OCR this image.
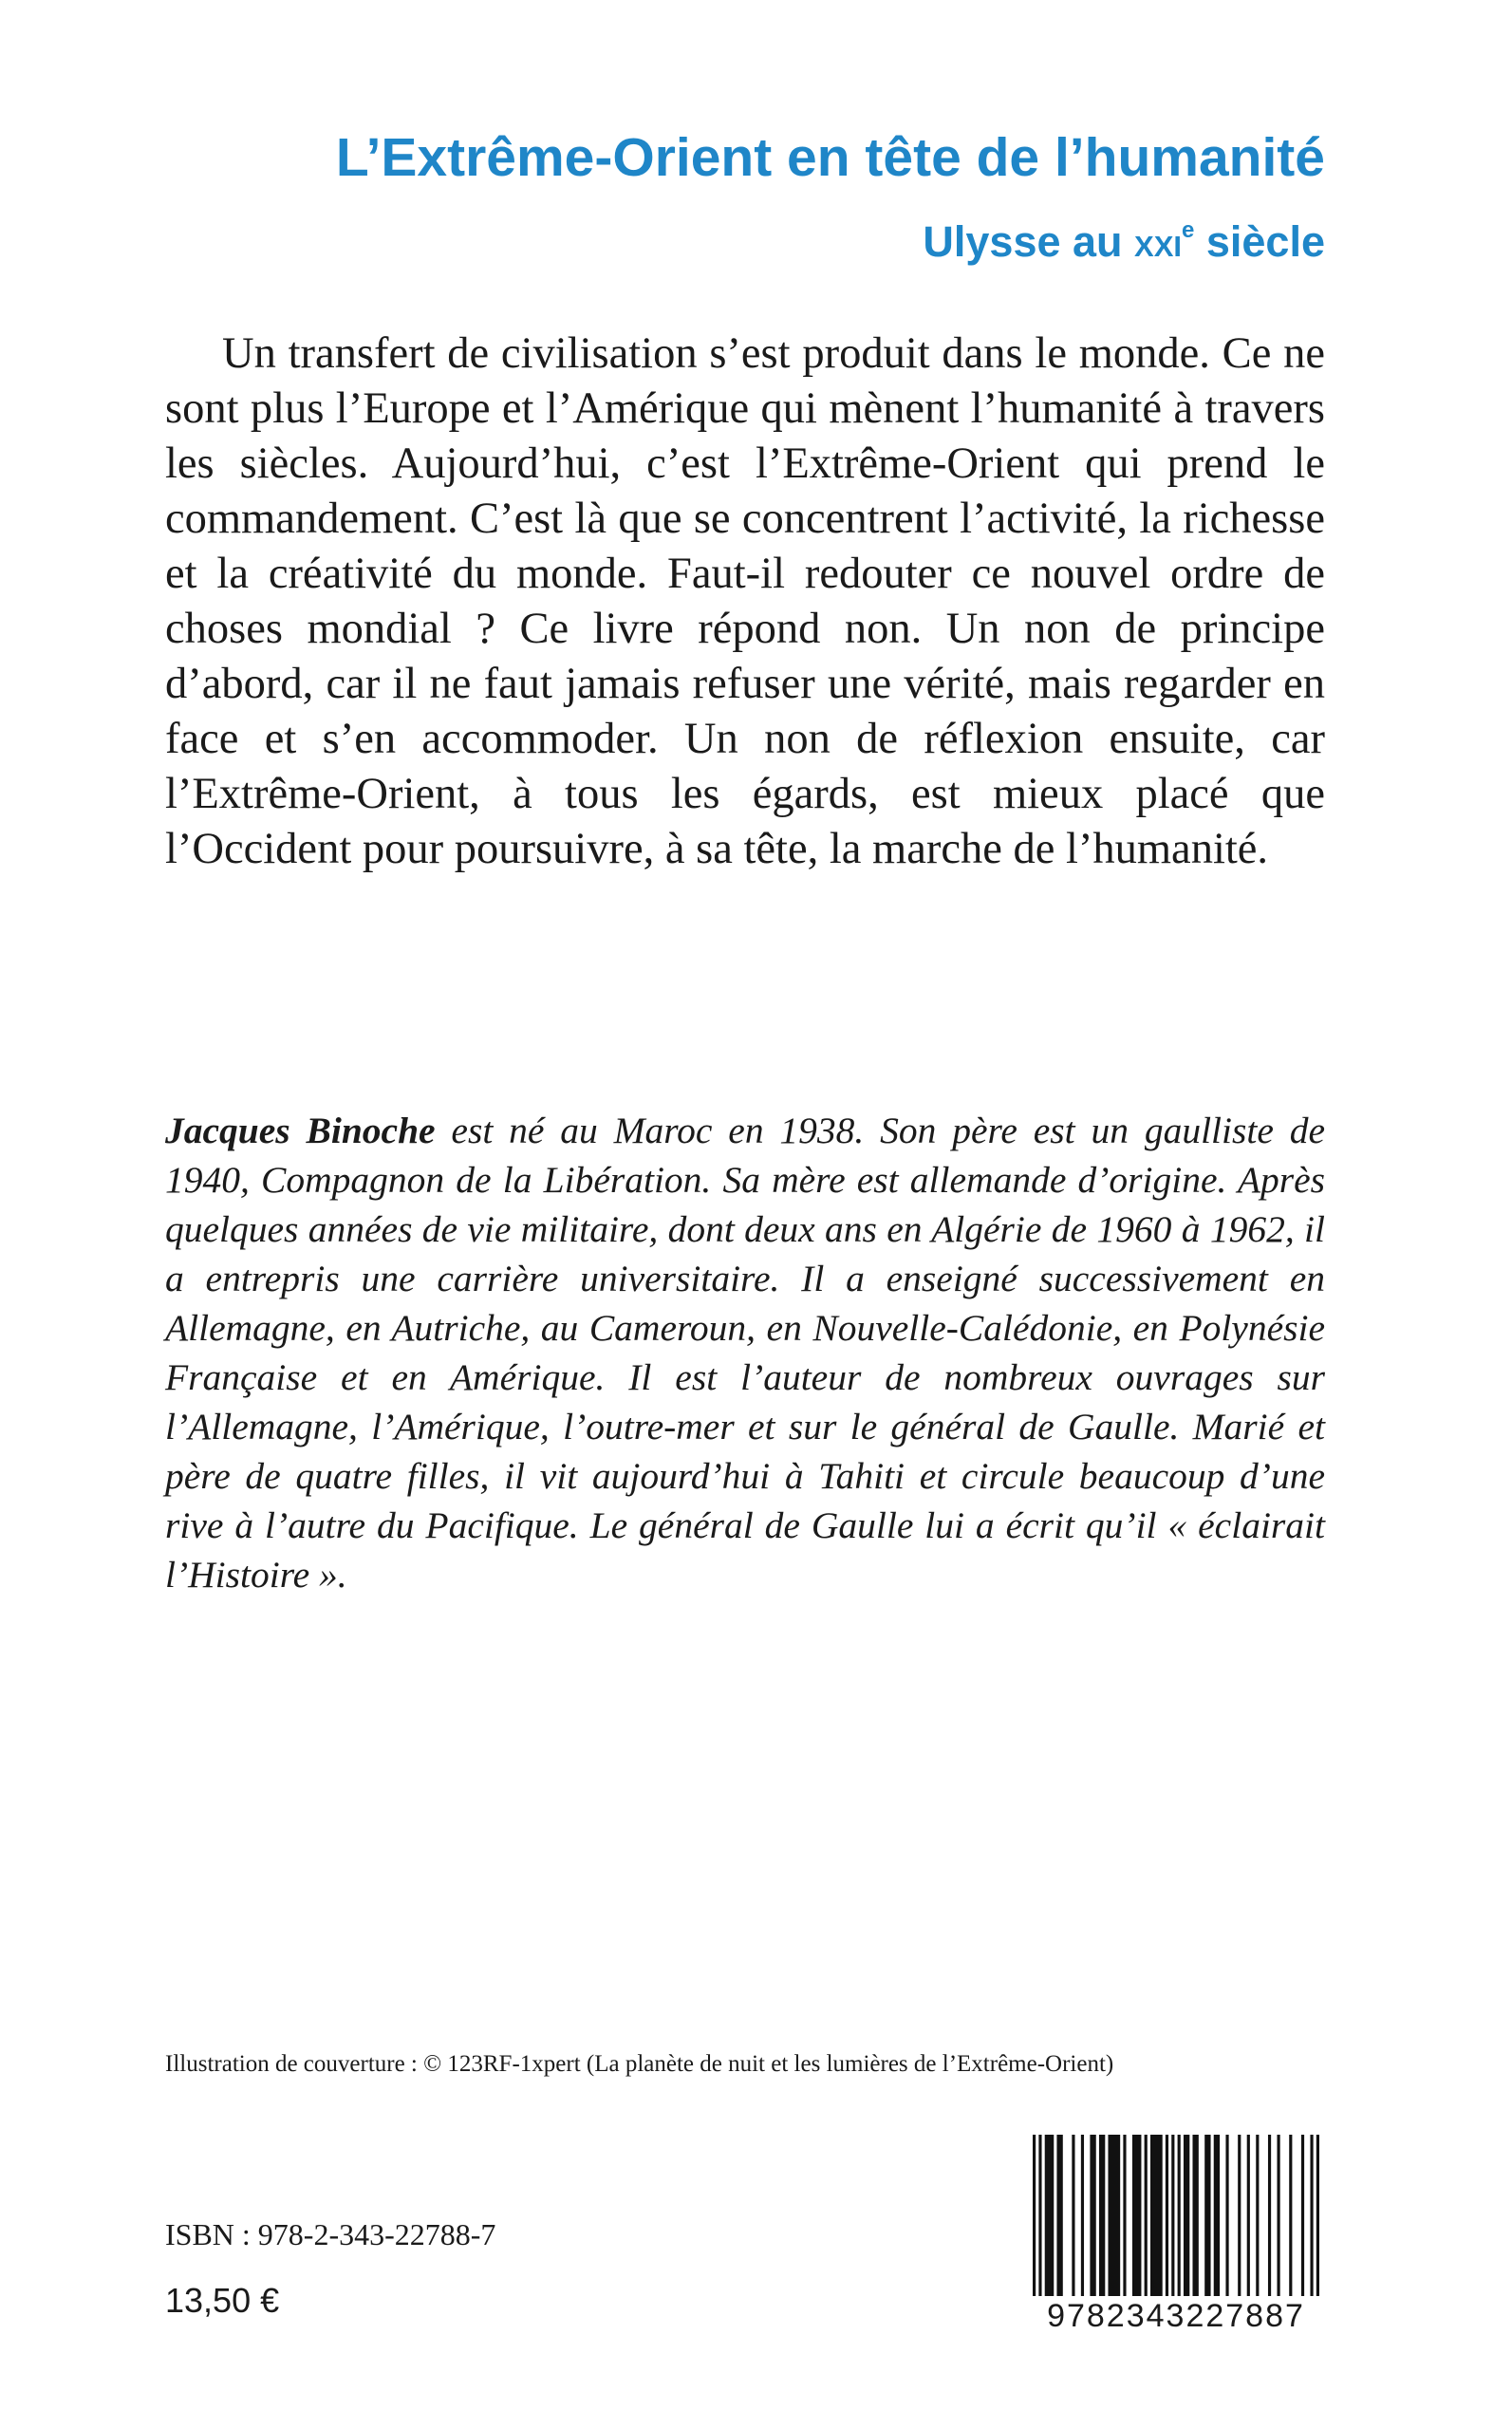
L’Extrême-Orient en tête de l’humanité
Ulysse au XXIe siècle

Un transfert de civilisation s’est produit dans le monde. Ce ne sont plus l’Europe et l’Amérique qui mènent l’humanité à travers les siècles. Aujourd’hui, c’est l’Extrême-Orient qui prend le commandement. C’est là que se concentrent l’activité, la richesse et la créativité du monde. Faut-il redouter ce nouvel ordre de choses mondial ? Ce livre répond non. Un non de principe d’abord, car il ne faut jamais refuser une vérité, mais regarder en face et s’en accommoder. Un non de réflexion ensuite, car l’Extrême-Orient, à tous les égards, est mieux placé que l’Occident pour poursuivre, à sa tête, la marche de l’humanité.

Jacques Binoche est né au Maroc en 1938. Son père est un gaulliste de 1940, Compagnon de la Libération. Sa mère est allemande d’origine. Après quelques années de vie militaire, dont deux ans en Algérie de 1960 à 1962, il a entrepris une carrière universitaire. Il a enseigné successivement en Allemagne, en Autriche, au Cameroun, en Nouvelle-Calédonie, en Polynésie Française et en Amérique. Il est l’auteur de nombreux ouvrages sur l’Allemagne, l’Amérique, l’outre-mer et sur le général de Gaulle. Marié et père de quatre filles, il vit aujourd’hui à Tahiti et circule beaucoup d’une rive à l’autre du Pacifique. Le général de Gaulle lui a écrit qu’il « éclairait l’Histoire ».

Illustration de couverture : © 123RF-1xpert (La planète de nuit et les lumières de l’Extrême-Orient)
ISBN : 978-2-343-22788-7
13,50 €	9782343227887
